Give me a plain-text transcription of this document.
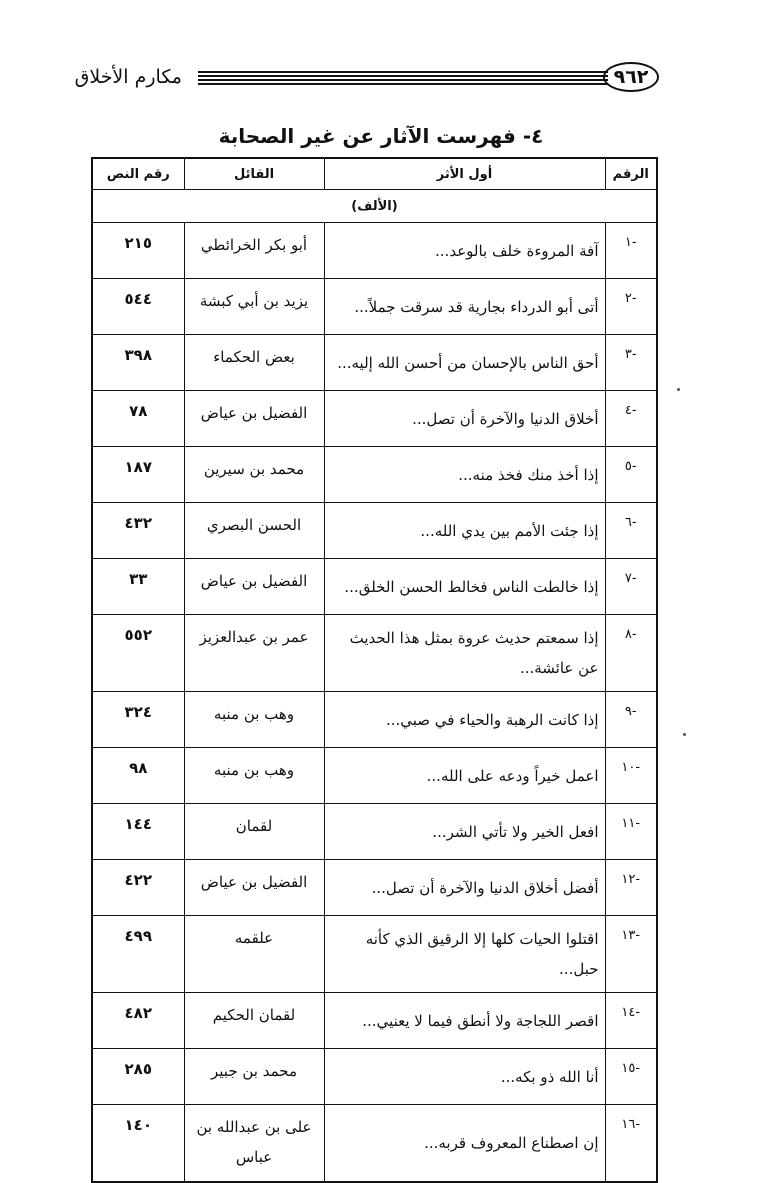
مكارم الأخلاق	٩٦٢
٤- فهرست الآثار عن غير الصحابة
الرقم	أول الأثر	القائل	رقم النص
(الألف)			
-١	آفة المروءة خلف بالوعد...	أبو بكر الخرائطي	٢١٥
-٢	أتى أبو الدرداء بجارية قد سرقت جملاً...	يزيد بن أبي كبشة	٥٤٤
-٣	أحق الناس بالإحسان من أحسن الله إليه...	بعض الحكماء	٣٩٨
-٤	أخلاق الدنيا والآخرة أن تصل...	الفضيل بن عياض	٧٨
-٥	إذا أخذ منك فخذ منه...	محمد بن سيرين	١٨٧
-٦	إذا جئت الأمم بين يدي الله...	الحسن البصري	٤٣٢
-٧	إذا خالطت الناس فخالط الحسن الخلق...	الفضيل بن عياض	٣٣
-٨	إذا سمعتم حديث عروة بمثل هذا الحديث عن عائشة...	عمر بن عبدالعزيز	٥٥٢
-٩	إذا كانت الرهبة والحياء في صبي...	وهب بن منبه	٣٢٤
-١٠	اعمل خيراً ودعه على الله...	وهب بن منبه	٩٨
-١١	افعل الخير ولا تأتي الشر...	لقمان	١٤٤
-١٢	أفضل أخلاق الدنيا والآخرة أن تصل...	الفضيل بن عياض	٤٢٢
-١٣	اقتلوا الحيات كلها إلا الرقيق الذي كأنه حبل...	علقمه	٤٩٩
-١٤	اقصر اللجاجة ولا أنطق فيما لا يعنيي...	لقمان الحكيم	٤٨٢
-١٥	أنا الله ذو بكه...	محمد بن جبير	٢٨٥
-١٦	إن اصطناع المعروف قربه...	على بن عبدالله بن عباس	١٤٠
